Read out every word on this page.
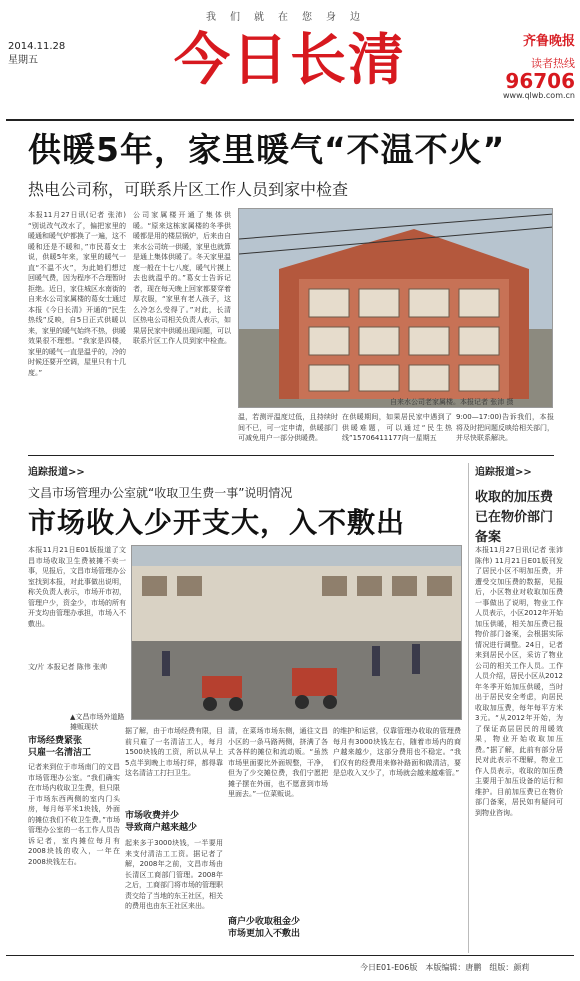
我们就在您身边
2014.11.28
星期五	今日长清	齐鲁晚报
读者热线
96706
www.qlwb.com.cn
供暖5年，家里暖气“不温不火”
热电公司称，可联系片区工作人员到家中检查
本报11月27日讯(记者 张沛) “别说改气改水了，偏把家里的暖通和暖气炉都换了一遍，这不暖和还是不暖和，”市民葛女士说，供暖5年来，家里的暖气一直“不温不火”，为此她们想过回暖气费，因为程序不合理暂时拒绝。近日，家住城区水南街的自来水公司家属楼的葛女士通过本报《今日长清》开通的“民生热线”反映，自5日正式供暖以来，家里的暖气始终不热，供暖效果很不理想。“我家是四楼，家里的暖气一直是温乎的，冷的时候还要开空调，屋里只有十几度。”
公司家属楼开通了集体供暖。“原来这栋家属楼的冬季供暖都是用的楼层锅炉，后来由自来水公司统一供暖，家里也就算是通上集体供暖了。冬天家里温度一般在十七八度，暖气片摸上去也就温乎的。”葛女士告诉记者，现在每天晚上回家都要穿着厚衣服，“家里有老人孩子，这么冷怎么受得了。”对此，长清区热电公司相关负责人表示，如果居民家中供暖出现问题，可以联系片区工作人员到家中检查。
自来水公司老家属楼。本报记者 张沛 摄
温，若测评温度过低，且持续时间不已，可一定申请，供暖部门可减免用户一部分供暖费。
在供暖期间，如果居民家中遇到了供暖难题，可以通过“民生热线”15706411177向一星期五
9:00—17:00)告诉我们，本报将及时把问题反映给相关部门，并尽快联系解决。
追踪报道>>
文昌市场管理办公室就“收取卫生费一事”说明情况
市场收入少开支大，入不敷出
本报11月21日E01版报道了文昌市场收取卫生费被摊不卖一事，见报后，文昌市场管理办公室找到本报，对此事做出说明，称关负责人表示，市场开市初，管理户少，资金少，市场的所有开支均由管理办承担，市场入不敷出。
文/片 本报记者 陈伟 张帅
▲文昌市场外道路摊贩现状
市场经费紧张
只雇一名清洁工
记者来到位于市场南门的文昌市场管理办公室。“我们确实在市场内收取卫生费，但只限于市场东西两侧的室内门头房，每月每平米1块钱，外面的摊位我们不收卫生费。”市场管理办公室的一名工作人员告诉记者，室内摊位每月有2008块钱的收入，一年在2008块钱左右。
据了解，由于市场经费有限，目前只雇了一名清洁工人，每月1500块钱的工资，所以从早上5点半到晚上市场打烊，都得靠这名清洁工打扫卫生。
市场收费并少
导致商户越来越少
起来多于3000块钱，一半要用来支付清洁工工资。据记者了解，2008年之前，文昌市场由长清区工商部门管理。2008年之后，工商部门将市场的管理职责交给了当地的东王社区，相关的费用也由东王社区来出。
清，在菜场市场东侧，通往文昌小区的一条马路两侧，挤满了各式各样的摊位和流动贩。“虽然市场里面要比外面规整，干净，但为了少交摊位费，我们宁愿把摊子摆在外面，也不愿意到市场里面去。”一位菜贩说。
商户少收取租金少
市场更加入不敷出
的维护和运营，仅靠管理办收取的管理费每月有3000块钱左右，随着市场内的商户越来越少，这部分费用也不稳定。“我们仅有的经费用来修补路面和做清洁，要是总收入又少了，市场就会越来越难管。”
追踪报道>>
收取的加压费
已在物价部门备案
本报11月27日讯(记者 张沛 陈伟) 11月21日E01版刊发了居民小区不明加压费，并遭受交加压费的数据，见报后，小区物业对收取加压费一事做出了说明，物业工作人员表示，小区2012年开始加压供暖，相关加压费已报物价部门备案，会根据实际情况进行调整。24日，记者来到居民小区，采访了物业公司的相关工作人员。工作人员介绍，居民小区从2012年冬季开始加压供暖，当时出于居民安全考虑，向居民收取加压费，每年每平方米3元。“从2012年开始，为了保证高层居民的用暖效果，物业开始收取加压费。”据了解，此前有部分居民对此表示不理解，物业工作人员表示，收取的加压费主要用于加压设备的运行和维护。目前加压费已在物价部门备案，居民如有疑问可到物业咨询。
今日E01-E06版　本版编辑：唐鹏　组版：颜莉
